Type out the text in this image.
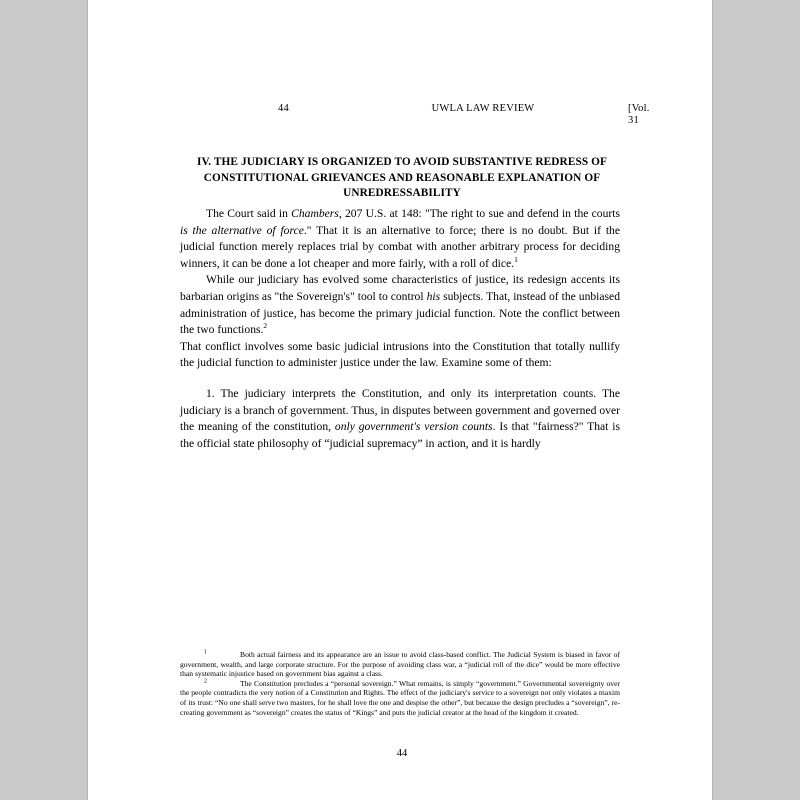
44	UWLA LAW REVIEW	[Vol.
31
IV. THE JUDICIARY IS ORGANIZED TO AVOID SUBSTANTIVE REDRESS OF CONSTITUTIONAL GRIEVANCES AND REASONABLE EXPLANATION OF UNREDRESSABILITY

The Court said in Chambers, 207 U.S. at 148: "The right to sue and defend in the courts is the alternative of force." That it is an alternative to force; there is no doubt. But if the judicial function merely replaces trial by combat with another arbitrary process for deciding winners, it can be done a lot cheaper and more fairly, with a roll of dice.$^1$

While our judiciary has evolved some characteristics of justice, its redesign accents its barbarian origins as "the Sovereign's" tool to control his subjects. That, instead of the unbiased administration of justice, has become the primary judicial function. Note the conflict between the two functions.$^2$

That conflict involves some basic judicial intrusions into the Constitution that totally nullify the judicial function to administer justice under the law. Examine some of them:

1. The judiciary interprets the Constitution, and only its interpretation counts. The judiciary is a branch of government. Thus, in disputes between government and governed over the meaning of the constitution, only government's version counts. Is that "fairness?" That is the official state philosophy of “judicial supremacy” in action, and it is hardly

$^1$	Both actual fairness and its appearance are an issue to avoid class-based conflict. The Judicial System is biased in favor of government, wealth, and large corporate structure. For the purpose of avoiding class war, a “judicial roll of the dice” would be more effective than systematic injustice based on government bias against a class.

$^2$	The Constitution precludes a “personal sovereign.” What remains, is simply “government.” Governmental sovereignty over the people contradicts the very notion of a Constitution and Rights. The effect of the judiciary's service to a sovereign not only violates a maxim of its trust: “No one shall serve two masters, for he shall love the one and despise the other”, but because the design precludes a “sovereign”, re-creating government as “sovereign” creates the status of “Kings” and puts the judicial creator at the head of the kingdom it created.

44
